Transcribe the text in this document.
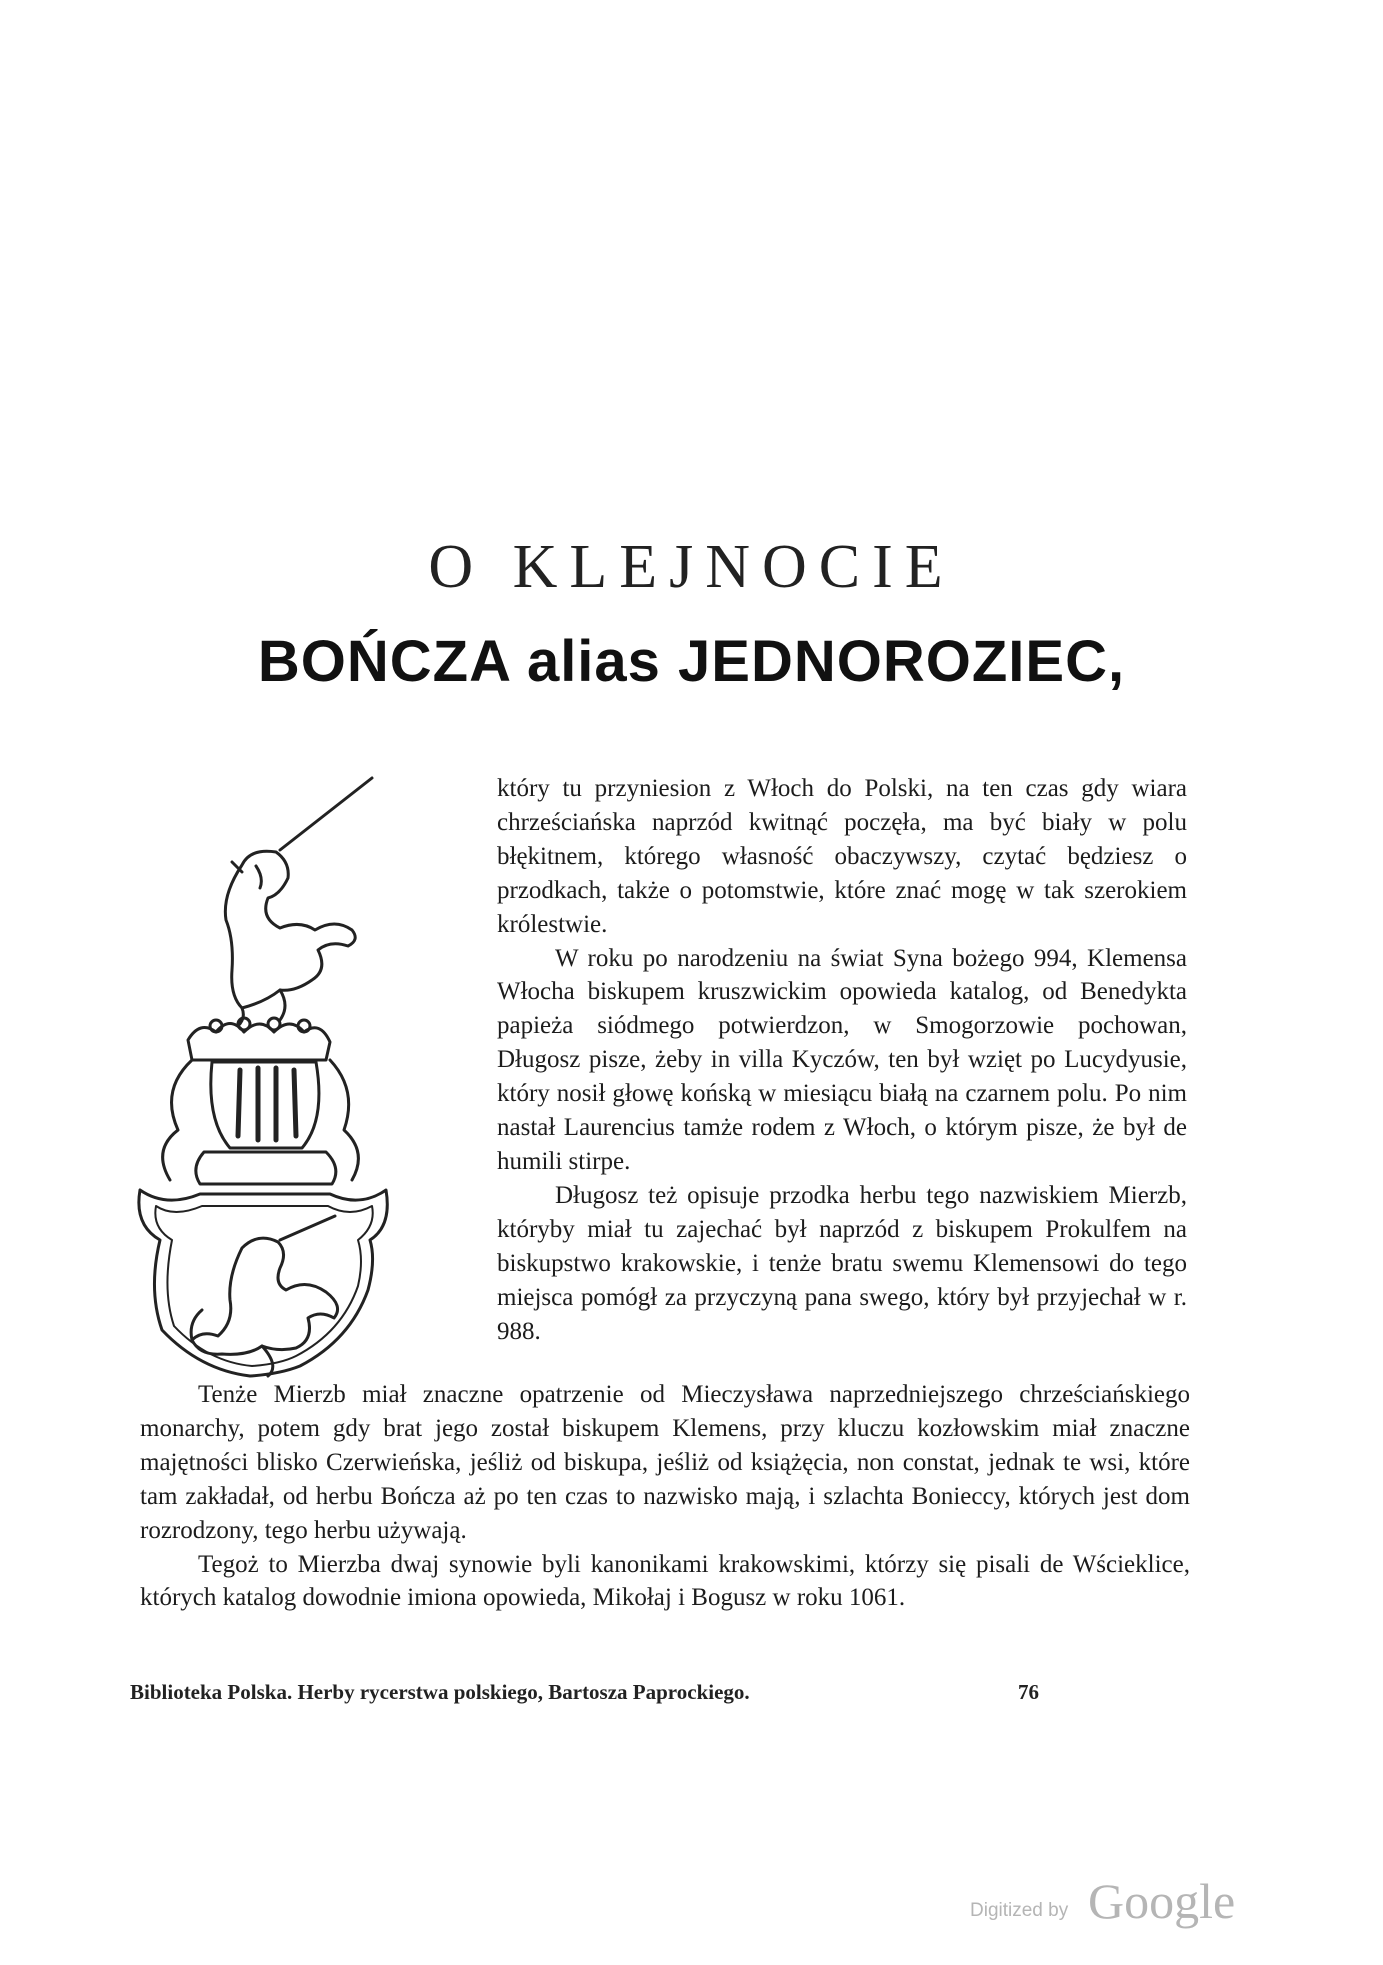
O KLEJNOCIE
BOŃCZA alias JEDNOROZIEC,

który tu przyniesion z Włoch do Polski, na ten czas gdy wiara chrześciańska naprzód kwitnąć poczęła, ma być biały w polu błękitnem, którego własność obaczywszy, czytać będziesz o przodkach, także o potomstwie, które znać mogę w tak szerokiem królestwie.

W roku po narodzeniu na świat Syna bożego 994, Klemensa Włocha biskupem kruszwickim opowieda katalog, od Benedykta papieża siódmego potwierdzon, w Smogorzowie pochowan, Długosz pisze, żeby in villa Kyczów, ten był wzięt po Lucydyusie, który nosił głowę końską w miesiącu białą na czarnem polu. Po nim nastał Laurencius tamże rodem z Włoch, o którym pisze, że był de humili stirpe.

Długosz też opisuje przodka herbu tego nazwiskiem Mierzb, któryby miał tu zajechać był naprzód z biskupem Prokulfem na biskupstwo krakowskie, i tenże bratu swemu Klemensowi do tego miejsca pomógł za przyczyną pana swego, który był przyjechał w r. 988.

Tenże Mierzb miał znaczne opatrzenie od Mieczysława naprzedniejszego chrześciańskiego monarchy, potem gdy brat jego został biskupem Klemens, przy kluczu kozłowskim miał znaczne majętności blisko Czerwieńska, jeśliż od biskupa, jeśliż od książęcia, non constat, jednak te wsi, które tam zakładał, od herbu Bończa aż po ten czas to nazwisko mają, i szlachta Bonieccy, których jest dom rozrodzony, tego herbu używają.

Tegoż to Mierzba dwaj synowie byli kanonikami krakowskimi, którzy się pisali de Wścieklice, których katalog dowodnie imiona opowieda, Mikołaj i Bogusz w roku 1061.

Biblioteka Polska. Herby rycerstwa polskiego, Bartosza Paprockiego.	76
Digitized by Google
